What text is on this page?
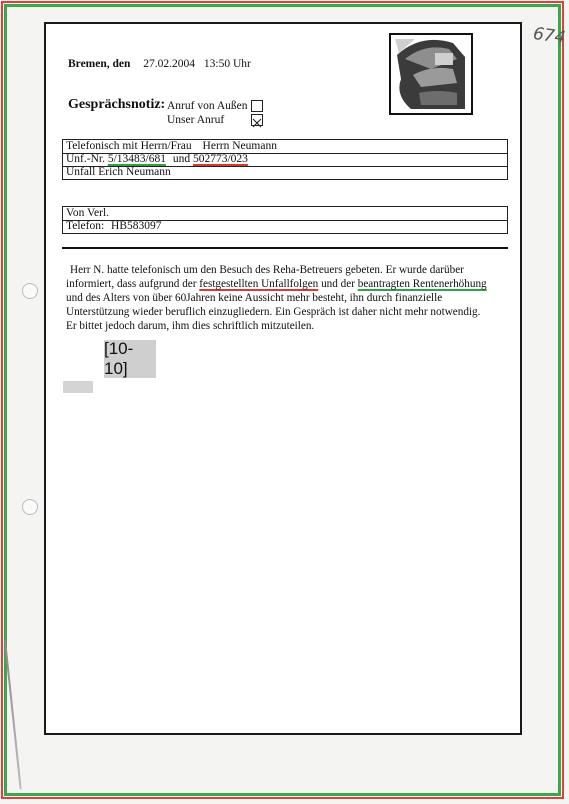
674
Bremen, den 27.02.2004 13:50 Uhr
Gesprächsnotiz: Anruf von Außen
Unser Anruf
Telefonisch mit Herrn/Frau Herrn Neumann
Unf.-Nr. 5/13483/681 und 502773/023
Unfall Erich Neumann
Von Verl.
Telefon: HB583097
Herr N. hatte telefonisch um den Besuch des Reha-Betreuers gebeten. Er wurde darüber
informiert, dass aufgrund der festgestellten Unfallfolgen und der beantragten Rentenerhöhung
und des Alters von über 60Jahren keine Aussicht mehr besteht, ihn durch finanzielle
Unterstützung wieder beruflich einzugliedern. Ein Gespräch ist daher nicht mehr notwendig.
Er bittet jedoch darum, ihm dies schriftlich mitzuteilen.
[10-10]
